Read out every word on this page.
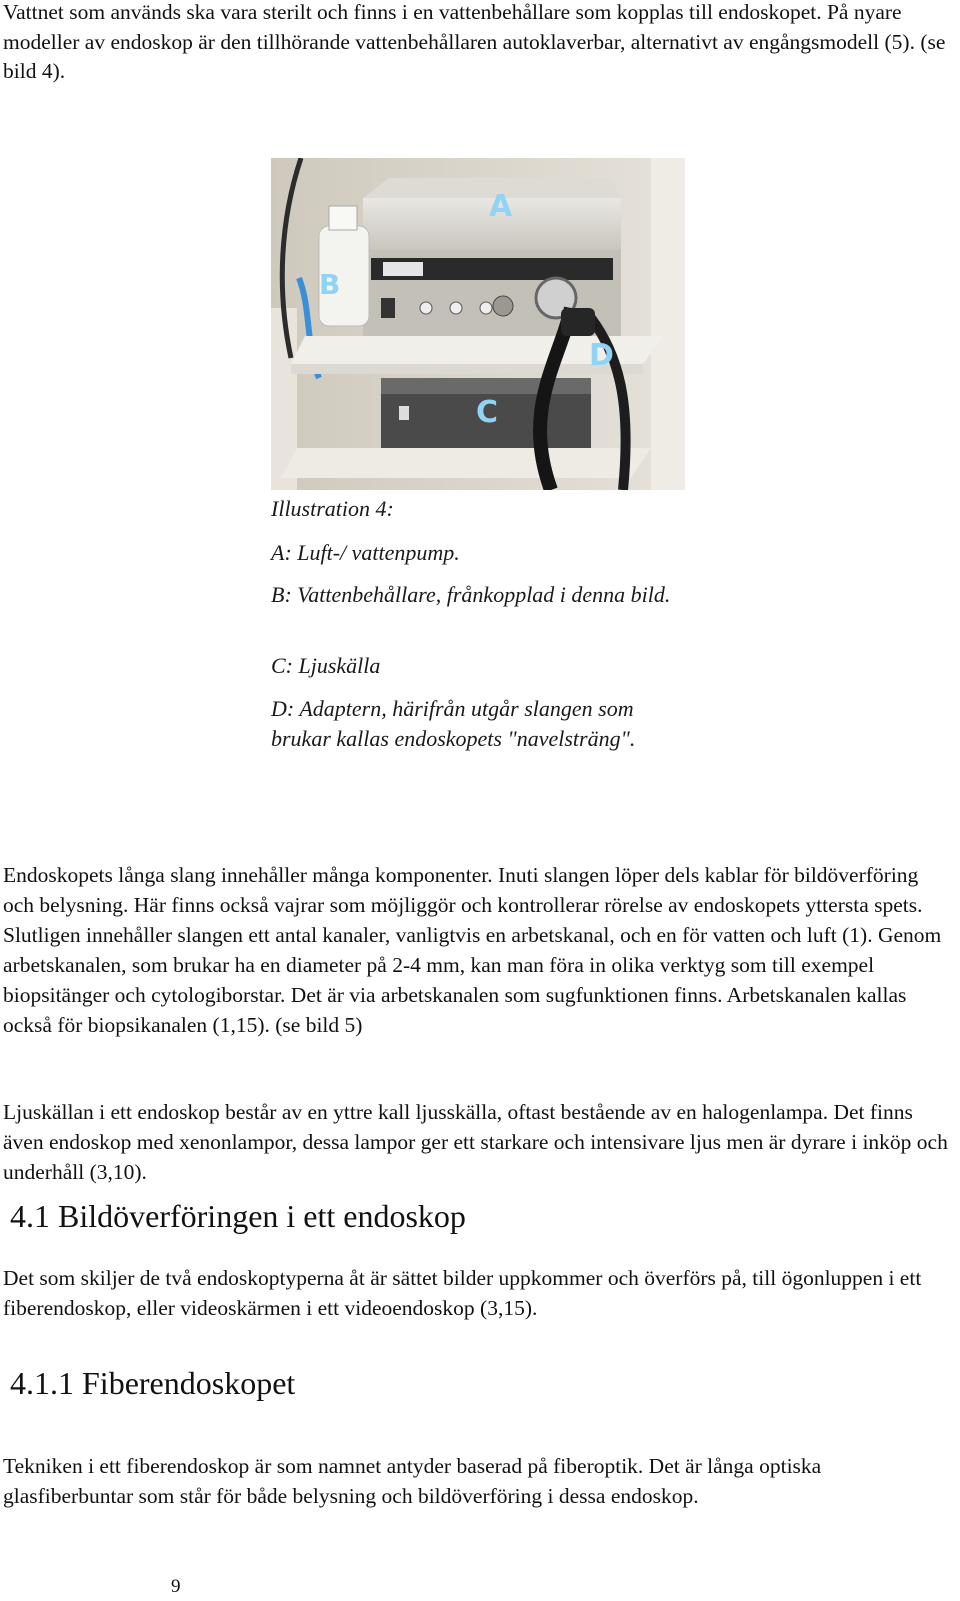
Vattnet som används ska vara sterilt och finns i en vattenbehållare som kopplas till endoskopet. På nyare modeller av endoskop är den tillhörande vattenbehållaren autoklaverbar, alternativt av engångsmodell (5). (se bild 4).

A
B
C
D

Illustration 4:

A: Luft-/ vattenpump.

B: Vattenbehållare, frånkopplad i denna bild.

C: Ljuskälla

D: Adaptern, härifrån utgår slangen som brukar kallas endoskopets "navelsträng".

Endoskopets långa slang innehåller många komponenter. Inuti slangen löper dels kablar för bildöverföring och belysning. Här finns också vajrar som möjliggör och kontrollerar rörelse av endoskopets yttersta spets. Slutligen innehåller slangen ett antal kanaler, vanligtvis en arbetskanal, och en för vatten och luft (1). Genom arbetskanalen, som brukar ha en diameter på 2-4 mm, kan man föra in olika verktyg som till exempel biopsitänger och cytologiborstar. Det är via arbetskanalen som sugfunktionen finns. Arbetskanalen kallas också för biopsikanalen (1,15). (se bild 5)

Ljuskällan i ett endoskop består av en yttre kall ljusskälla, oftast bestående av en halogenlampa. Det finns även endoskop med xenonlampor, dessa lampor ger ett starkare och intensivare ljus men är dyrare i inköp och underhåll (3,10).

4.1 Bildöverföringen i ett endoskop

Det som skiljer de två endoskoptyperna åt är sättet bilder uppkommer och överförs på, till ögonluppen i ett fiberendoskop, eller videoskärmen i ett videoendoskop (3,15).

4.1.1 Fiberendoskopet

Tekniken i ett fiberendoskop är som namnet antyder baserad på fiberoptik. Det är långa optiska glasfiberbuntar som står för både belysning och bildöverföring i dessa endoskop.

9
